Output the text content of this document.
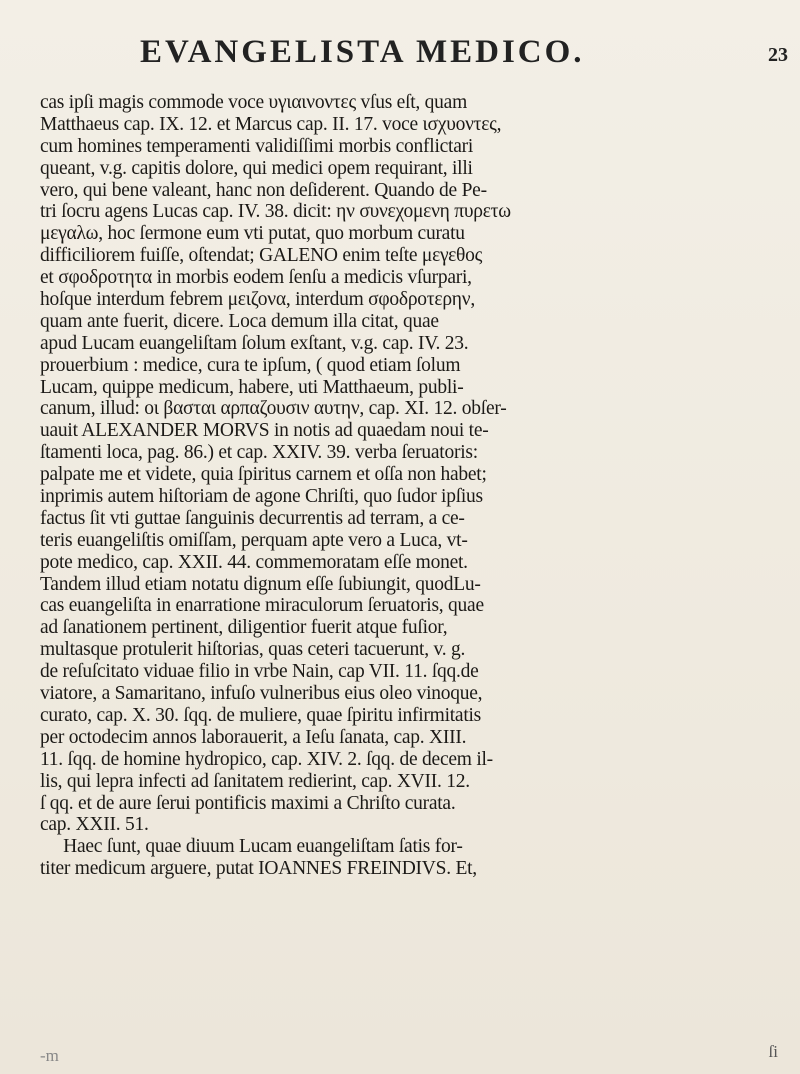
EVANGELISTA MEDICO.	23
cas ipſi magis commode voce υγιαινοντες vſus eſt, quam
Matthaeus cap. IX. 12. et Marcus cap. II. 17. voce ισχυοντες,
cum homines temperamenti validiſſimi morbis conflictari
queant, v.g. capitis dolore, qui medici opem requirant, illi
vero, qui bene valeant, hanc non deſiderent. Quando de Pe-
tri ſocru agens Lucas cap. IV. 38. dicit: ην συνεχομενη πυρετω
μεγαλω, hoc ſermone eum vti putat, quo morbum curatu
difficiliorem fuiſſe, oſtendat; GALENO enim teſte μεγεθος
et σφοδροτητα in morbis eodem ſenſu a medicis vſurpari,
hoſque interdum febrem μειζονα, interdum σφοδροτερην,
quam ante fuerit, dicere. Loca demum illa citat, quae
apud Lucam euangeliſtam ſolum exſtant, v.g. cap. IV. 23.
prouerbium : medice, cura te ipſum, ( quod etiam ſolum
Lucam, quippe medicum, habere, uti Matthaeum, publi-
canum, illud: οι βασται αρπαζουσιν αυτην, cap. XI. 12. obſer-
uauit ALEXANDER MORVS in notis ad quaedam noui te-
ſtamenti loca, pag. 86.) et cap. XXIV. 39. verba ſeruatoris:
palpate me et videte, quia ſpiritus carnem et oſſa non habet;
inprimis autem hiſtoriam de agone Chriſti, quo ſudor ipſius
factus ſit vti guttae ſanguinis decurrentis ad terram, a ce-
teris euangeliſtis omiſſam, perquam apte vero a Luca, vt-
pote medico, cap. XXII. 44. commemoratam eſſe monet.
Tandem illud etiam notatu dignum eſſe ſubiungit, quodLu-
cas euangeliſta in enarratione miraculorum ſeruatoris, quae
ad ſanationem pertinent, diligentior fuerit atque fuſior,
multasque protulerit hiſtorias, quas ceteri tacuerunt, v. g.
de reſuſcitato viduae filio in vrbe Nain, cap VII. 11. ſqq.de
viatore, a Samaritano, infuſo vulneribus eius oleo vinoque,
curato, cap. X. 30. ſqq. de muliere, quae ſpiritu infirmitatis
per octodecim annos laborauerit, a Ieſu ſanata, cap. XIII.
11. ſqq. de homine hydropico, cap. XIV. 2. ſqq. de decem il-
lis, qui lepra infecti ad ſanitatem redierint, cap. XVII. 12.
ſ qq. et de aure ſerui pontificis maximi a Chriſto curata.
cap. XXII. 51.
Haec ſunt, quae diuum Lucam euangeliſtam ſatis for-
titer medicum arguere, putat IOANNES FREINDIVS. Et,
-m	ſi
